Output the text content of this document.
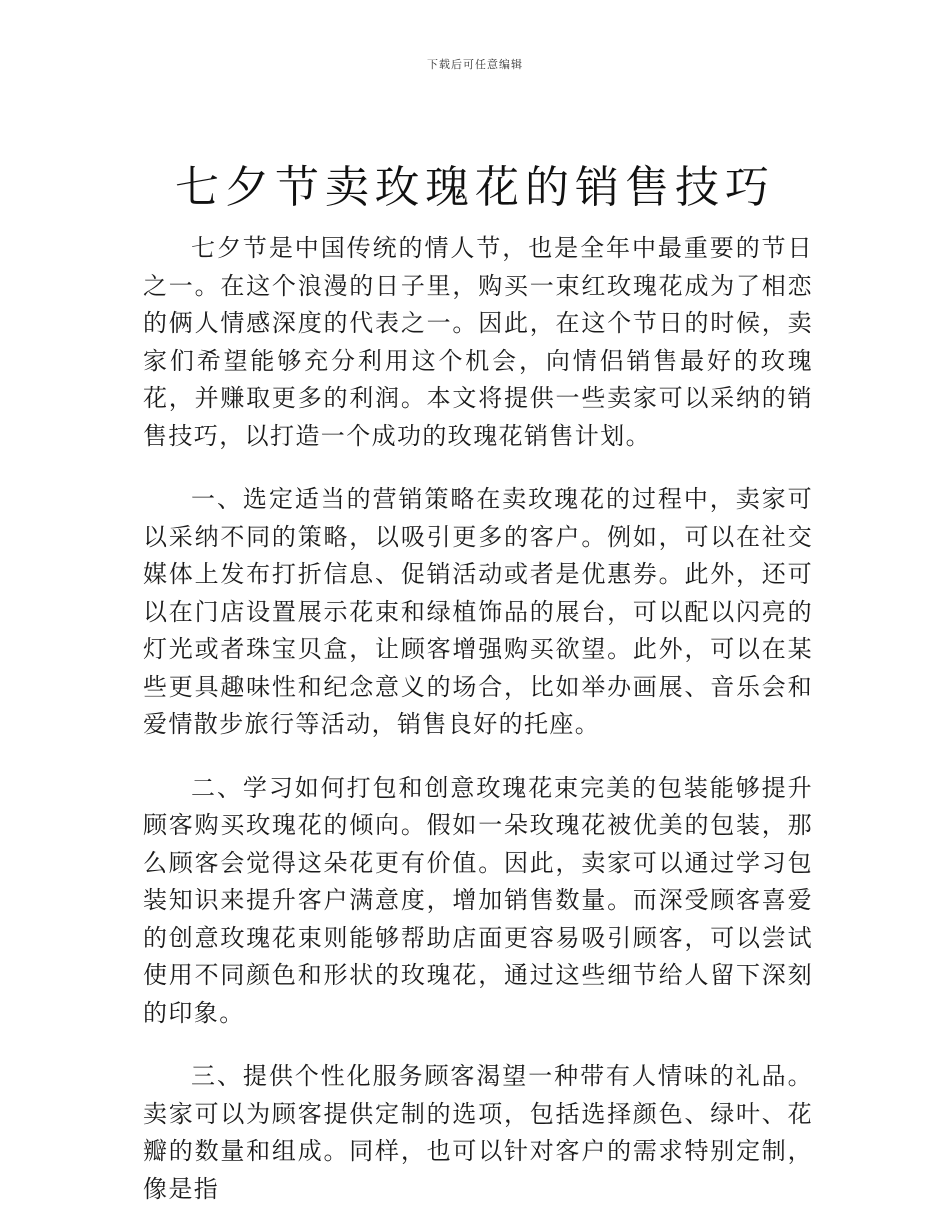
下载后可任意编辑
七夕节卖玫瑰花的销售技巧

七夕节是中国传统的情人节，也是全年中最重要的节日之一。在这个浪漫的日子里，购买一束红玫瑰花成为了相恋的俩人情感深度的代表之一。因此，在这个节日的时候，卖家们希望能够充分利用这个机会，向情侣销售最好的玫瑰花，并赚取更多的利润。本文将提供一些卖家可以采纳的销售技巧，以打造一个成功的玫瑰花销售计划。

一、选定适当的营销策略在卖玫瑰花的过程中，卖家可以采纳不同的策略，以吸引更多的客户。例如，可以在社交媒体上发布打折信息、促销活动或者是优惠券。此外，还可以在门店设置展示花束和绿植饰品的展台，可以配以闪亮的灯光或者珠宝贝盒，让顾客增强购买欲望。此外，可以在某些更具趣味性和纪念意义的场合，比如举办画展、音乐会和爱情散步旅行等活动，销售良好的托座。

二、学习如何打包和创意玫瑰花束完美的包装能够提升顾客购买玫瑰花的倾向。假如一朵玫瑰花被优美的包装，那么顾客会觉得这朵花更有价值。因此，卖家可以通过学习包装知识来提升客户满意度，增加销售数量。而深受顾客喜爱的创意玫瑰花束则能够帮助店面更容易吸引顾客，可以尝试使用不同颜色和形状的玫瑰花，通过这些细节给人留下深刻的印象。

三、提供个性化服务顾客渴望一种带有人情味的礼品。卖家可以为顾客提供定制的选项，包括选择颜色、绿叶、花瓣的数量和组成。同样，也可以针对客户的需求特别定制，像是指
